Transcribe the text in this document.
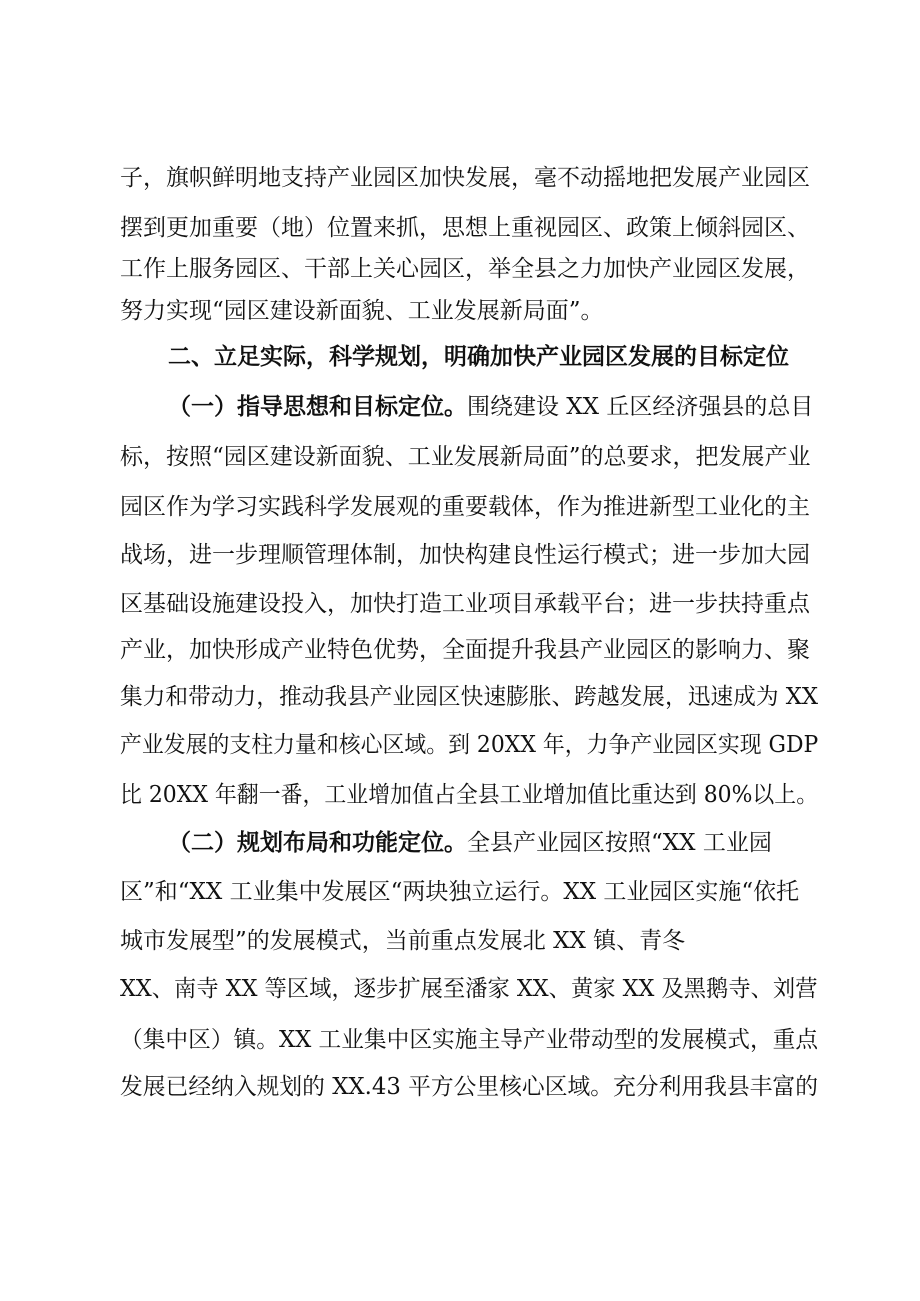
子，旗帜鲜明地支持产业园区加快发展，毫不动摇地把发展产业园区
摆到更加重要（地）位置来抓，思想上重视园区、政策上倾斜园区、
工作上服务园区、干部上关心园区，举全县之力加快产业园区发展，
努力实现“园区建设新面貌、工业发展新局面”。
二、立足实际，科学规划，明确加快产业园区发展的目标定位
（一）指导思想和目标定位。围绕建设 XX 丘区经济强县的总目
标，按照“园区建设新面貌、工业发展新局面”的总要求，把发展产业
园区作为学习实践科学发展观的重要载体，作为推进新型工业化的主
战场，进一步理顺管理体制，加快构建良性运行模式；进一步加大园
区基础设施建设投入，加快打造工业项目承载平台；进一步扶持重点
产业，加快形成产业特色优势，全面提升我县产业园区的影响力、聚
集力和带动力，推动我县产业园区快速膨胀、跨越发展，迅速成为 XX
产业发展的支柱力量和核心区域。到 20XX 年，力争产业园区实现 GDP
比 20XX 年翻一番，工业增加值占全县工业增加值比重达到 80%以上。
（二）规划布局和功能定位。全县产业园区按照“XX 工业园
区”和“XX 工业集中发展区“两块独立运行。XX 工业园区实施“依托
城市发展型”的发展模式，当前重点发展北 XX 镇、青冬
XX、南寺 XX 等区域，逐步扩展至潘家 XX、黄家 XX 及黑鹅寺、刘营
（集中区）镇。XX 工业集中区实施主导产业带动型的发展模式，重点
发展已经纳入规划的 XX.43 平方公里核心区域。充分利用我县丰富的
